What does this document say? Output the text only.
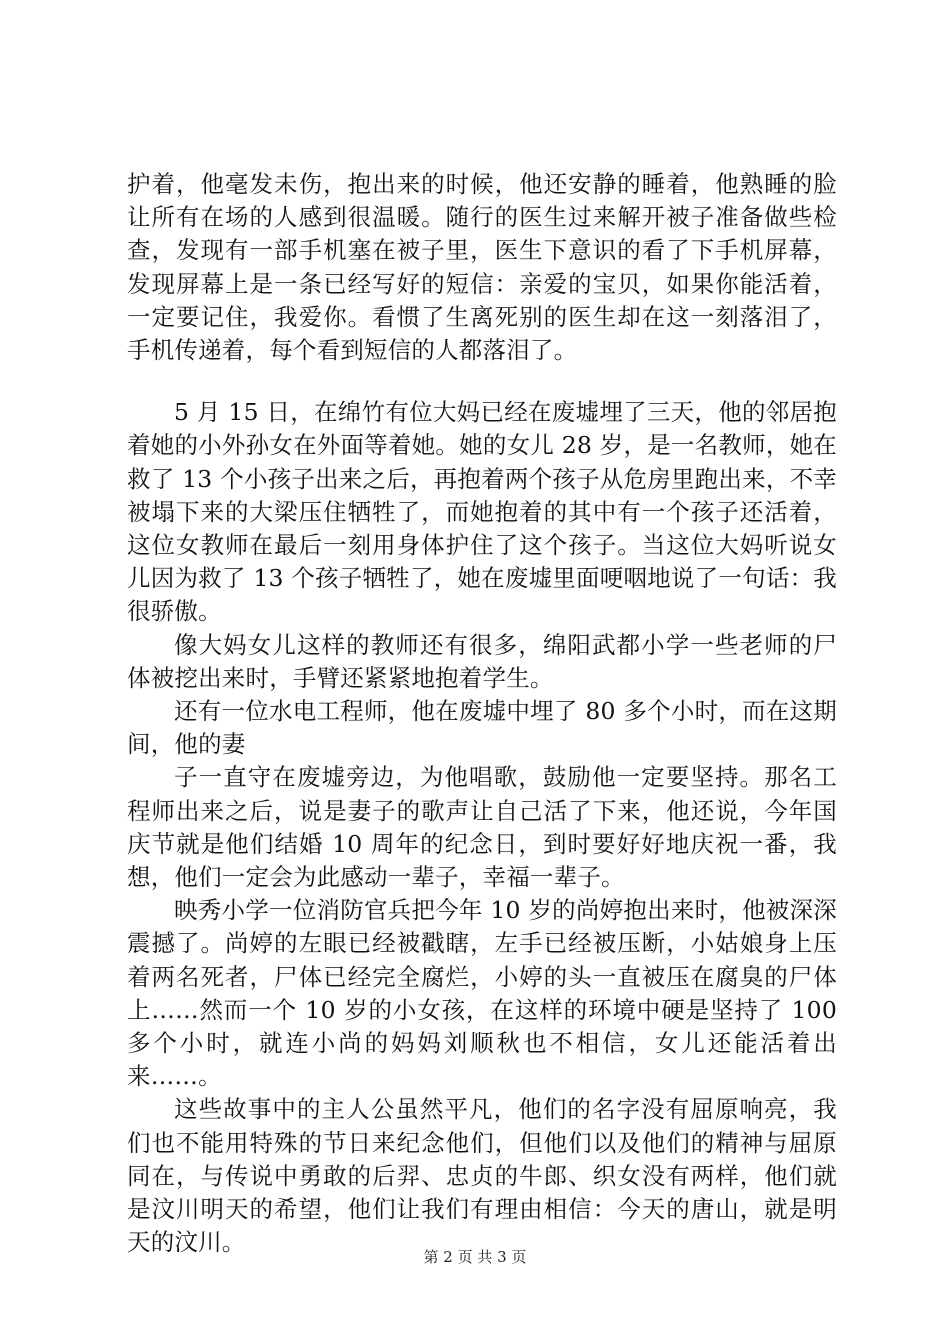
护着，他毫发未伤，抱出来的时候，他还安静的睡着，他熟睡的脸让所有在场的人感到很温暖。随行的医生过来解开被子准备做些检查，发现有一部手机塞在被子里，医生下意识的看了下手机屏幕，发现屏幕上是一条已经写好的短信：亲爱的宝贝，如果你能活着，一定要记住，我爱你。看惯了生离死别的医生却在这一刻落泪了，手机传递着，每个看到短信的人都落泪了。

5 月 15 日，在绵竹有位大妈已经在废墟埋了三天，他的邻居抱着她的小外孙女在外面等着她。她的女儿 28 岁，是一名教师，她在救了 13 个小孩子出来之后，再抱着两个孩子从危房里跑出来，不幸被塌下来的大梁压住牺牲了，而她抱着的其中有一个孩子还活着，这位女教师在最后一刻用身体护住了这个孩子。当这位大妈听说女儿因为救了 13 个孩子牺牲了，她在废墟里面哽咽地说了一句话：我很骄傲。

像大妈女儿这样的教师还有很多，绵阳武都小学一些老师的尸体被挖出来时，手臂还紧紧地抱着学生。

还有一位水电工程师，他在废墟中埋了 80 多个小时，而在这期间，他的妻

子一直守在废墟旁边，为他唱歌，鼓励他一定要坚持。那名工程师出来之后，说是妻子的歌声让自己活了下来，他还说，今年国庆节就是他们结婚 10 周年的纪念日，到时要好好地庆祝一番，我想，他们一定会为此感动一辈子，幸福一辈子。

映秀小学一位消防官兵把今年 10 岁的尚婷抱出来时，他被深深震撼了。尚婷的左眼已经被戳瞎，左手已经被压断，小姑娘身上压着两名死者，尸体已经完全腐烂，小婷的头一直被压在腐臭的尸体上……然而一个 10 岁的小女孩，在这样的环境中硬是坚持了 100 多个小时，就连小尚的妈妈刘顺秋也不相信，女儿还能活着出来……。

这些故事中的主人公虽然平凡，他们的名字没有屈原响亮，我们也不能用特殊的节日来纪念他们，但他们以及他们的精神与屈原同在，与传说中勇敢的后羿、忠贞的牛郎、织女没有两样，他们就是汶川明天的希望，他们让我们有理由相信：今天的唐山，就是明天的汶川。

第 2 页 共 3 页
